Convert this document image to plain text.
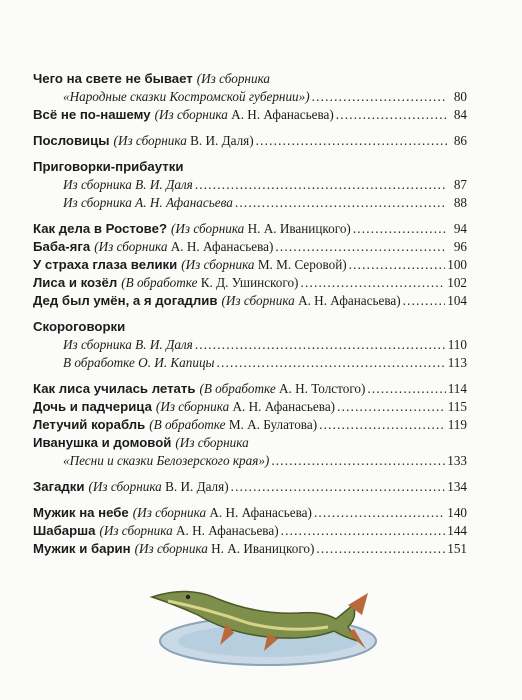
Чего на свете не бывает (Из сборника
«Народные сказки Костромской губернии») .....	80
Всё не по-нашему (Из сборника А. Н. Афанасьева) .....	84
Пословицы (Из сборника В. И. Даля) .....	86
Приговорки-прибаутки
Из сборника В. И. Даля .....	87
Из сборника А. Н. Афанасьева .....	88
Как дела в Ростове? (Из сборника Н. А. Иваницкого) .....	94
Баба-яга (Из сборника А. Н. Афанасьева) .....	96
У страха глаза велики (Из сборника М. М. Серовой) .....	100
Лиса и козёл (В обработке К. Д. Ушинского) .....	102
Дед был умён, а я догадлив (Из сборника А. Н. Афанасьева) .....	104
Скороговорки
Из сборника В. И. Даля .....	110
В обработке О. И. Капицы .....	113
Как лиса училась летать (В обработке А. Н. Толстого) .....	114
Дочь и падчерица (Из сборника А. Н. Афанасьева) .....	115
Летучий корабль (В обработке М. А. Булатова) .....	119
Иванушка и домовой (Из сборника
«Песни и сказки Белозерского края») .....	133
Загадки (Из сборника В. И. Даля) .....	134
Мужик на небе (Из сборника А. Н. Афанасьева) .....	140
Шабарша (Из сборника А. Н. Афанасьева) .....	144
Мужик и барин (Из сборника Н. А. Иваницкого) .....	151
